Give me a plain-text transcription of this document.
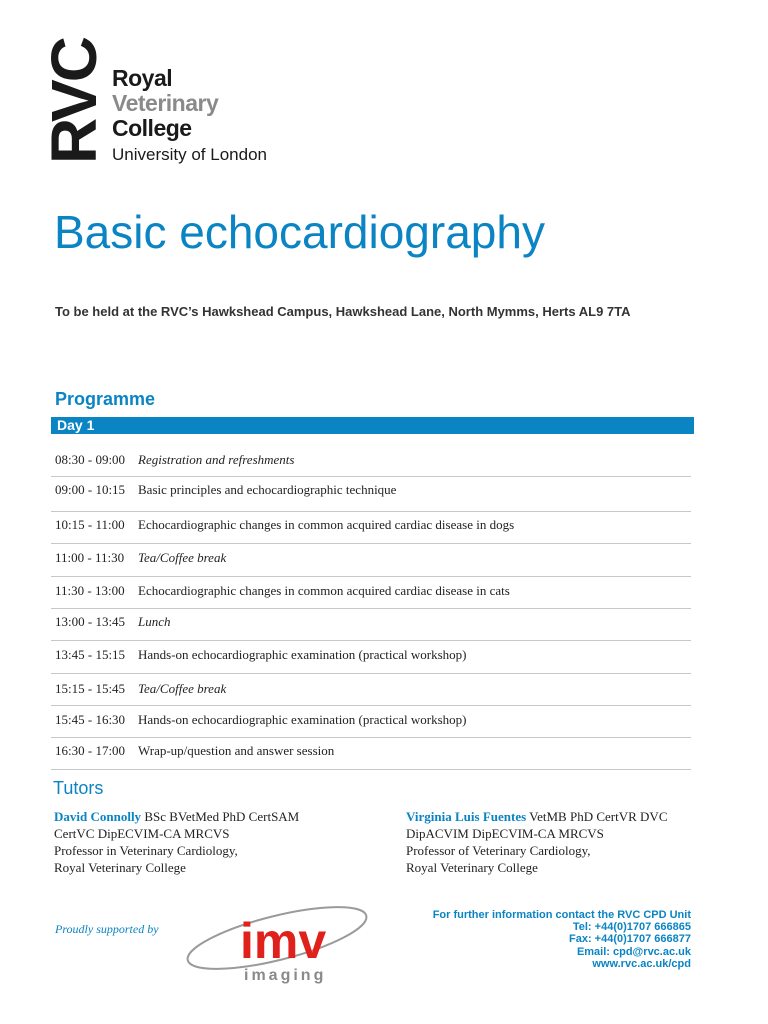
RVC Royal
Veterinary
College
University of London
Basic echocardiography
To be held at the RVC’s Hawkshead Campus, Hawkshead Lane, North Mymms, Herts AL9 7TA
Programme
Day 1
08:30 - 09:00 Registration and refreshments
09:00 - 10:15 Basic principles and echocardiographic technique
10:15 - 11:00 Echocardiographic changes in common acquired cardiac disease in dogs
11:00 - 11:30 Tea/Coffee break
11:30 - 13:00 Echocardiographic changes in common acquired cardiac disease in cats
13:00 - 13:45 Lunch
13:45 - 15:15 Hands-on echocardiographic examination (practical workshop)
15:15 - 15:45 Tea/Coffee break
15:45 - 16:30 Hands-on echocardiographic examination (practical workshop)
16:30 - 17:00 Wrap-up/question and answer session
Tutors
David Connolly BSc BVetMed PhD CertSAM
CertVC DipECVIM-CA MRCVS
Professor in Veterinary Cardiology,
Royal Veterinary College
Virginia Luis Fuentes VetMB PhD CertVR DVC
DipACVIM DipECVIM-CA MRCVS
Professor of Veterinary Cardiology,
Royal Veterinary College
Proudly supported by imv
imaging
For further information contact the RVC CPD Unit
Tel: +44(0)1707 666865
Fax: +44(0)1707 666877
Email: cpd@rvc.ac.uk
www.rvc.ac.uk/cpd
